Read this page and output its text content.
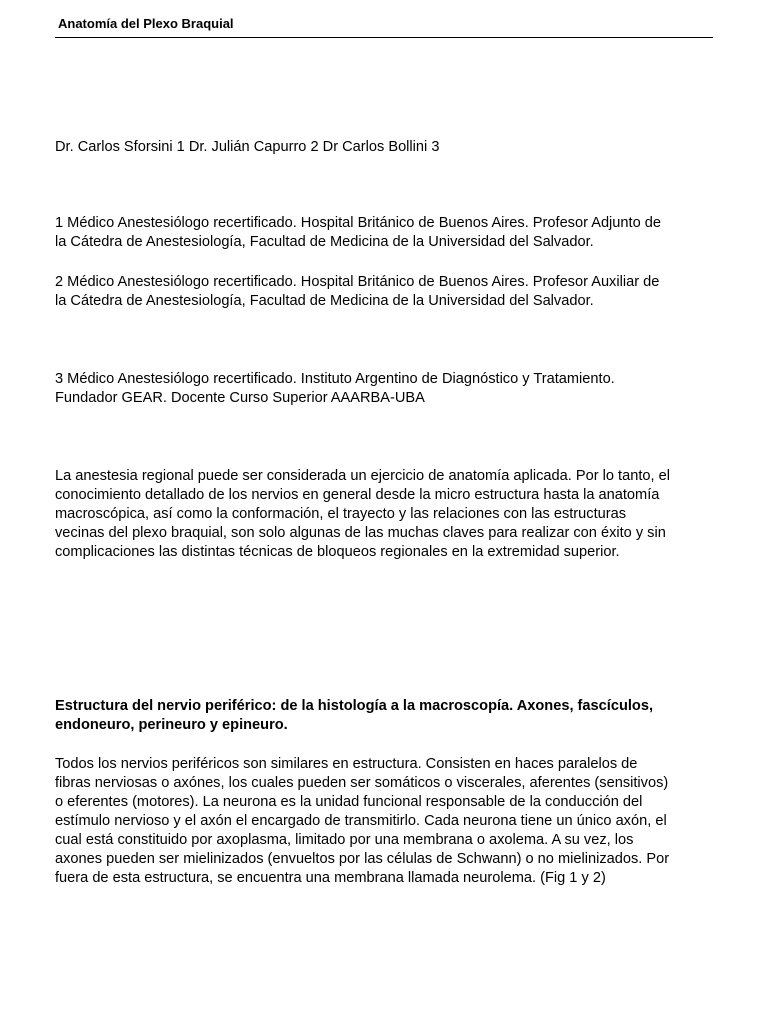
Anatomía del Plexo Braquial

Dr. Carlos Sforsini 1 Dr. Julián Capurro 2 Dr Carlos Bollini 3

1 Médico Anestesiólogo recertificado. Hospital Británico de Buenos Aires. Profesor Adjunto de
la Cátedra de Anestesiología, Facultad de Medicina de la Universidad del Salvador.

2 Médico Anestesiólogo recertificado. Hospital Británico de Buenos Aires. Profesor Auxiliar de
la Cátedra de Anestesiología, Facultad de Medicina de la Universidad del Salvador.

3 Médico Anestesiólogo recertificado. Instituto Argentino de Diagnóstico y Tratamiento.
Fundador GEAR. Docente Curso Superior AAARBA-UBA

La anestesia regional puede ser considerada un ejercicio de anatomía aplicada. Por lo tanto, el
conocimiento detallado de los nervios en general desde la micro estructura hasta la anatomía
macroscópica, así como la conformación, el trayecto y las relaciones con las estructuras
vecinas del plexo braquial, son solo algunas de las muchas claves para realizar con éxito y sin
complicaciones las distintas técnicas de bloqueos regionales en la extremidad superior.

Estructura del nervio periférico: de la histología a la macroscopía. Axones, fascículos,
endoneuro, perineuro y epineuro.

Todos los nervios periféricos son similares en estructura. Consisten en haces paralelos de
fibras nerviosas o axónes, los cuales pueden ser somáticos o viscerales, aferentes (sensitivos)
o eferentes (motores). La neurona es la unidad funcional responsable de la conducción del
estímulo nervioso y el axón el encargado de transmitirlo. Cada neurona tiene un único axón, el
cual está constituido por axoplasma, limitado por una membrana o axolema. A su vez, los
axones pueden ser mielinizados (envueltos por las células de Schwann) o no mielinizados. Por
fuera de esta estructura, se encuentra una membrana llamada neurolema. (Fig 1 y 2)
